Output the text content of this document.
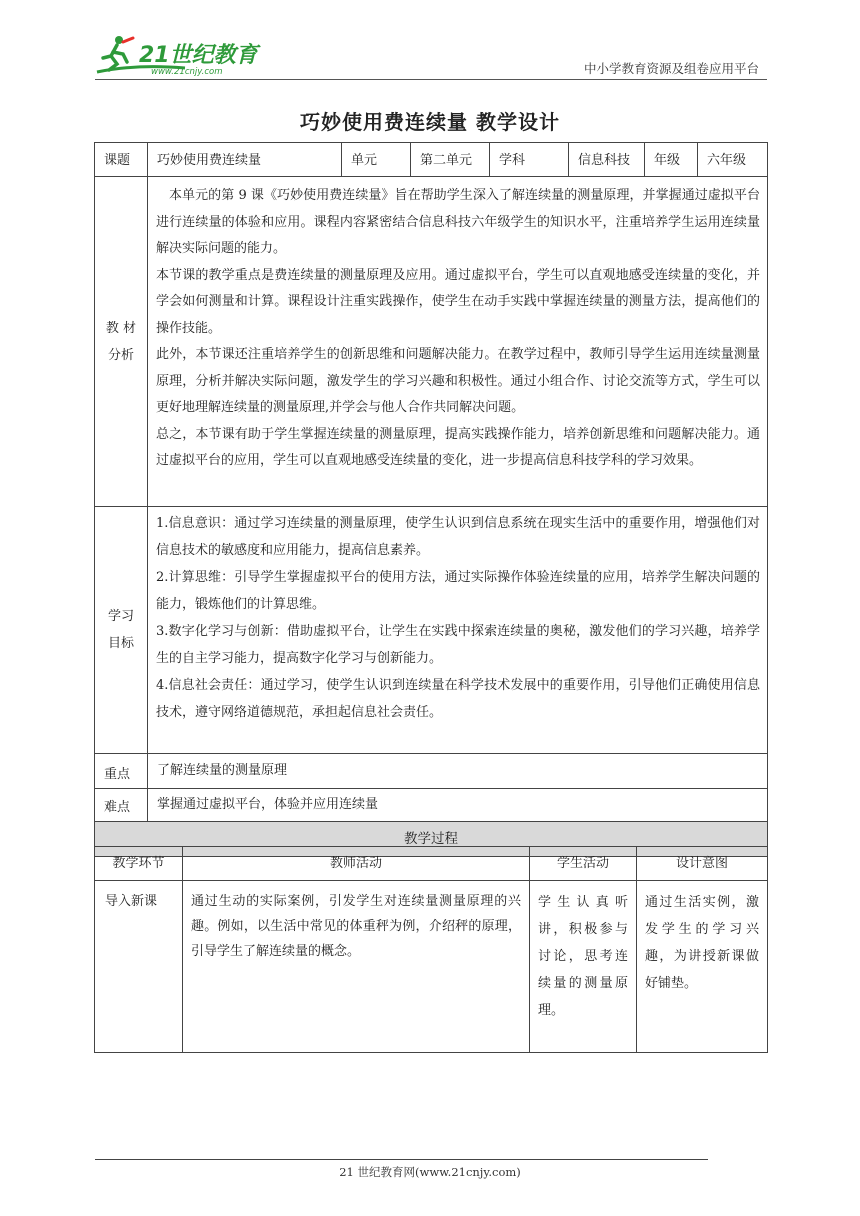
21世纪教育
www.21cnjy.com	中小学教育资源及组卷应用平台
巧妙使用费连续量 教学设计
课题	巧妙使用费连续量	单元	第二单元	学科	信息科技	年级	六年级

教 材分析	本单元的第 9 课《巧妙使用费连续量》旨在帮助学生深入了解连续量的测量原理，并掌握通过虚拟平台进行连续量的体验和应用。课程内容紧密结合信息科技六年级学生的知识水平，注重培养学生运用连续量解决实际问题的能力。

本节课的教学重点是费连续量的测量原理及应用。通过虚拟平台，学生可以直观地感受连续量的变化，并学会如何测量和计算。课程设计注重实践操作，使学生在动手实践中掌握连续量的测量方法，提高他们的操作技能。

此外，本节课还注重培养学生的创新思维和问题解决能力。在教学过程中，教师引导学生运用连续量测量原理，分析并解决实际问题，激发学生的学习兴趣和积极性。通过小组合作、讨论交流等方式，学生可以更好地理解连续量的测量原理,并学会与他人合作共同解决问题。

总之，本节课有助于学生掌握连续量的测量原理，提高实践操作能力，培养创新思维和问题解决能力。通过虚拟平台的应用，学生可以直观地感受连续量的变化，进一步提高信息科技学科的学习效果。						

学习目标	1.信息意识：通过学习连续量的测量原理，使学生认识到信息系统在现实生活中的重要作用，增强他们对信息技术的敏感度和应用能力，提高信息素养。

2.计算思维：引导学生掌握虚拟平台的使用方法，通过实际操作体验连续量的应用，培养学生解决问题的能力，锻炼他们的计算思维。

3.数字化学习与创新：借助虚拟平台，让学生在实践中探索连续量的奥秘，激发他们的学习兴趣，培养学生的自主学习能力，提高数字化学习与创新能力。

4.信息社会责任：通过学习，使学生认识到连续量在科学技术发展中的重要作用，引导他们正确使用信息技术，遵守网络道德规范，承担起信息社会责任。						

重点	了解连续量的测量原理						
难点	掌握通过虚拟平台，体验并应用连续量						
教学过程							
教学环节	教师活动	学生活动	设计意图
导入新课	通过生动的实际案例，引发学生对连续量测量原理的兴趣。例如，以生活中常见的体重秤为例，介绍秤的原理，引导学生了解连续量的概念。	学生认真听讲，积极参与讨论，思考连续量的测量原理。	通过生活实例，激发学生的学习兴趣，为讲授新课做好铺垫。
21 世纪教育网(www.21cnjy.com)
